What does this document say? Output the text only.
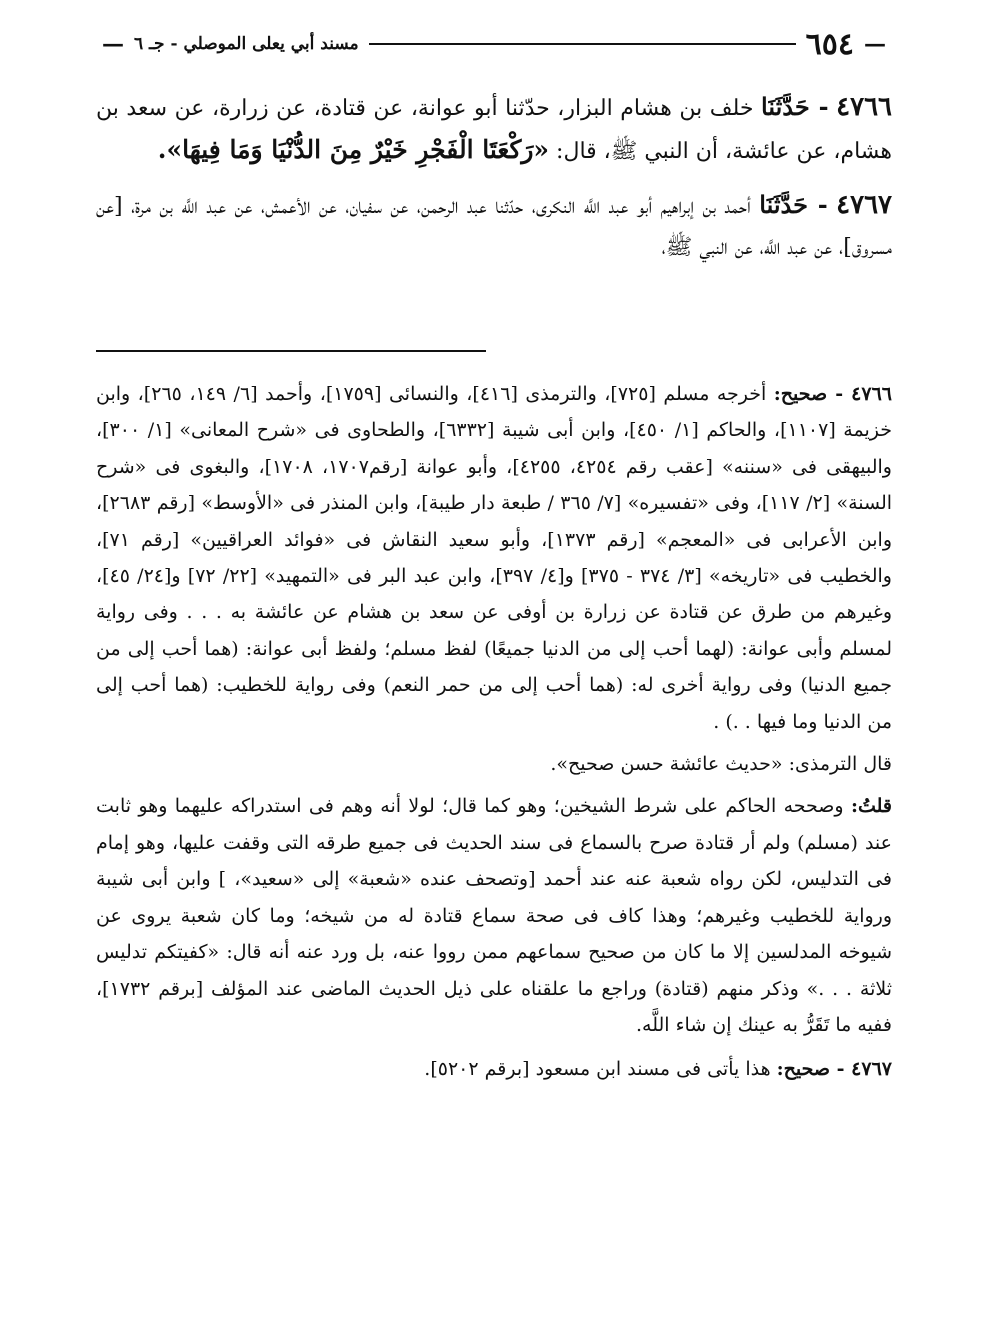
—
٦٥٤
مسند أبي يعلى الموصلي - جـ ٦
—

٤٧٦٦ - حَدَّثَنَا خلف بن هشام البزار، حدّثنا أبو عوانة، عن قتادة، عن زرارة، عن سعد بن هشام، عن عائشة، أن النبي ﷺ، قال: «رَكْعَتَا الْفَجْرِ خَيْرٌ مِنَ الدُّنْيَا وَمَا فِيهَا».

٤٧٦٧ - حَدَّثَنَا أحمد بن إبراهيم أبو عبد اللَّه النكرى، حدّثنا عبد الرحمن، عن سفيان، عن الأعمش، عن عبد اللَّه بن مرة، [عن مسروق]، عن عبد اللَّه، عن النبي ﷺ،

٤٧٦٦ - صحيح: أخرجه مسلم [٧٢٥]، والترمذى [٤١٦]، والنسائى [١٧٥٩]، وأحمد [٦/ ١٤٩، ٢٦٥]، وابن خزيمة [١١٠٧]، والحاكم [١/ ٤٥٠]، وابن أبى شيبة [٦٣٣٢]، والطحاوى فى «شرح المعانى» [١/ ٣٠٠]، والبيهقى فى «سننه» [عقب رقم ٤٢٥٤، ٤٢٥٥]، وأبو عوانة [رقم١٧٠٧، ١٧٠٨]، والبغوى فى «شرح السنة» [٢/ ١١٧]، وفى «تفسيره» [٧/ ٣٦٥ / طبعة دار طيبة]، وابن المنذر فى «الأوسط» [رقم ٢٦٨٣]، وابن الأعرابى فى «المعجم» [رقم ١٣٧٣]، وأبو سعيد النقاش فى «فوائد العراقيين» [رقم ٧١]، والخطيب فى «تاريخه» [٣/ ٣٧٤ - ٣٧٥] و[٤/ ٣٩٧]، وابن عبد البر فى «التمهيد» [٢٢/ ٧٢] و[٢٤/ ٤٥]، وغيرهم من طرق عن قتادة عن زرارة بن أوفى عن سعد بن هشام عن عائشة به . . . وفى رواية لمسلم وأبى عوانة: (لهما أحب إلى من الدنيا جميعًا) لفظ مسلم؛ ولفظ أبى عوانة: (هما أحب إلى من جميع الدنيا) وفى رواية أخرى له: (هما أحب إلى من حمر النعم) وفى رواية للخطيب: (هما أحب إلى من الدنيا وما فيها . .) .

قال الترمذى: «حديث عائشة حسن صحيح».

قلتُ: وصححه الحاكم على شرط الشيخين؛ وهو كما قال؛ لولا أنه وهم فى استدراكه عليهما وهو ثابت عند (مسلم) ولم أر قتادة صرح بالسماع فى سند الحديث فى جميع طرقه التى وقفت عليها، وهو إمام فى التدليس، لكن رواه شعبة عنه عند أحمد [وتصحف عنده «شعبة» إلى «سعيد»، ] وابن أبى شيبة ورواية للخطيب وغيرهم؛ وهذا كاف فى صحة سماع قتادة له من شيخه؛ وما كان شعبة يروى عن شيوخه المدلسين إلا ما كان من صحيح سماعهم ممن رووا عنه، بل ورد عنه أنه قال: «كفيتكم تدليس ثلاثة . . .» وذكر منهم (قتادة) وراجع ما علقناه على ذيل الحديث الماضى عند المؤلف [برقم ١٧٣٢]، ففيه ما تَقَرُّ به عينك إن شاء اللَّه.

٤٧٦٧ - صحيح: هذا يأتى فى مسند ابن مسعود [برقم ٥٢٠٢].
